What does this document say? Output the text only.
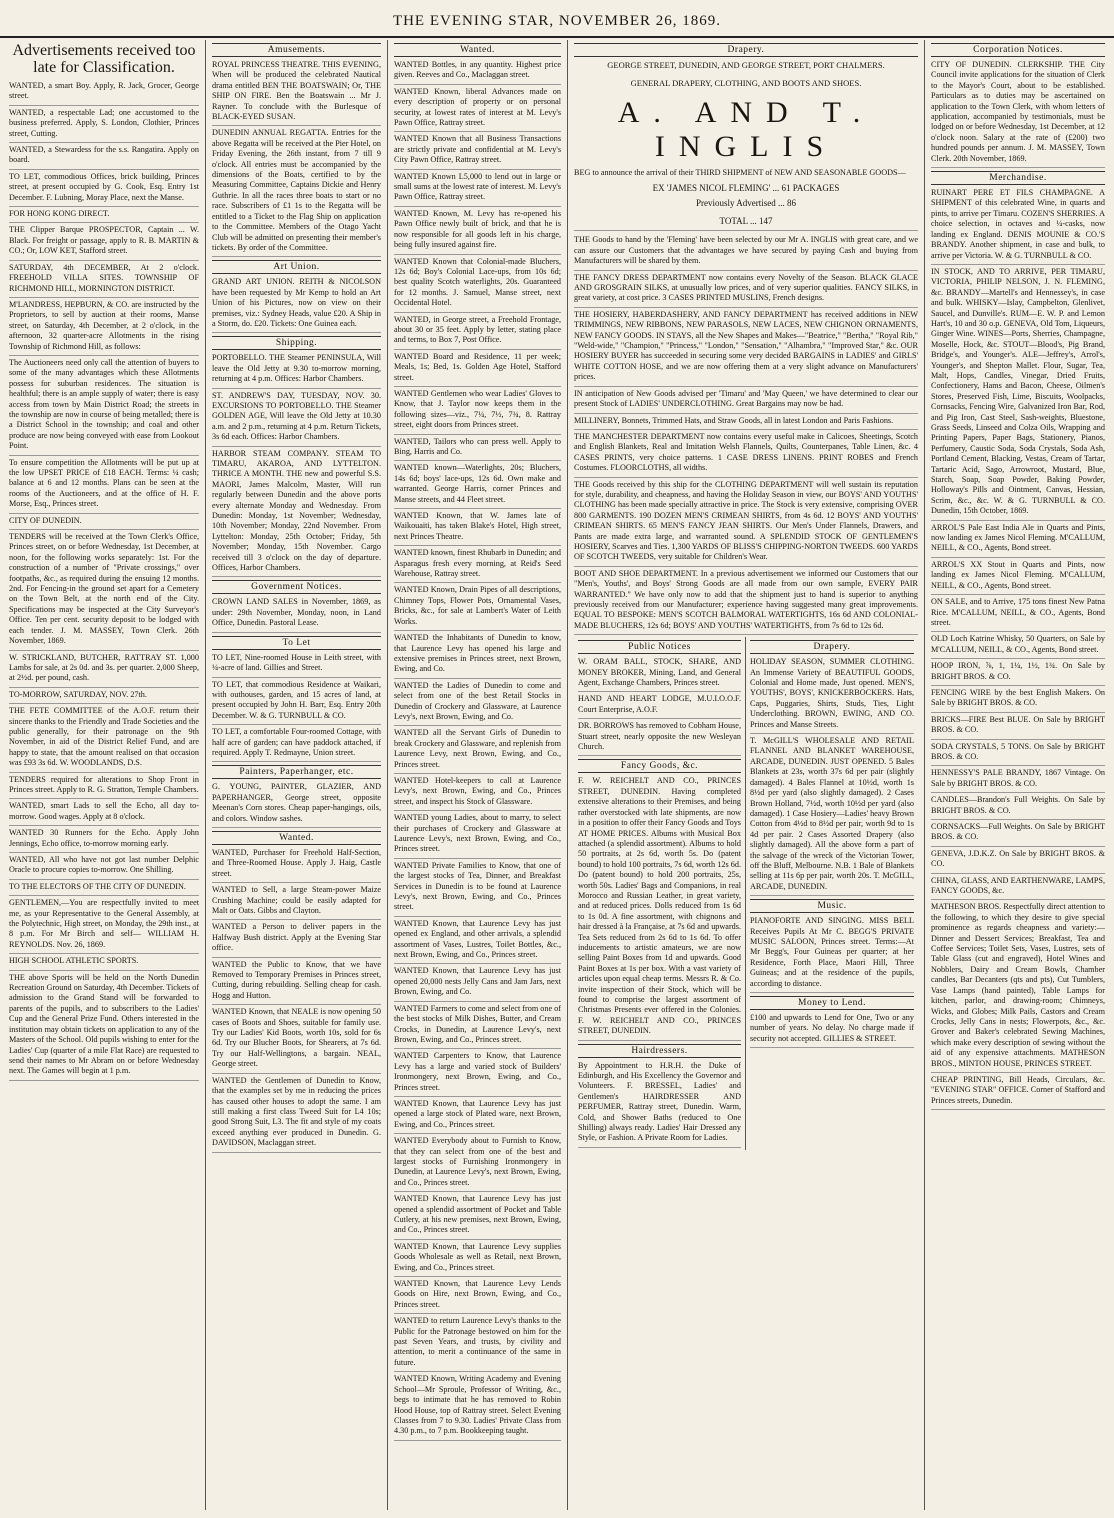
THE EVENING STAR, NOVEMBER 26, 1869.
Advertisements received too late for Classification.
WANTED, a smart Boy. Apply, R. Jack, Grocer, George street.
WANTED, a respectable Lad; one accustomed to the business preferred. Apply, S. London, Clothier, Princes street, Cutting.
WANTED, a Stewardess for the s.s. Rangatira. Apply on board.
TO LET, commodious Offices, brick building, Princes street, at present occupied by G. Cook, Esq. Entry 1st December. F. Lubning, Moray Place, next the Manse.
FOR HONG KONG DIRECT.
THE Clipper Barque PROSPECTOR, Captain ... W. Black. For freight or passage, apply to R. B. MARTIN & CO.; Or, LOW KET, Stafford street.
SATURDAY, 4th DECEMBER, At 2 o'clock. FREEHOLD VILLA SITES. TOWNSHIP OF RICHMOND HILL, MORNINGTON DISTRICT.
M'LANDRESS, HEPBURN, & CO. are instructed by the Proprietors, to sell by auction at their rooms, Manse street, on Saturday, 4th December, at 2 o'clock, in the afternoon, 32 quarter-acre Allotments in the rising Township of Richmond Hill, as follows:
The Auctioneers need only call the attention of buyers to some of the many advantages which these Allotments possess for suburban residences. The situation is healthful; there is an ample supply of water; there is easy access from town by Main District Road; the streets in the township are now in course of being metalled; there is a District School in the township; and coal and other produce are now being conveyed with ease from Lookout Point.
To ensure competition the Allotments will be put up at the low UPSET PRICE of £18 EACH. Terms: ¼ cash; balance at 6 and 12 months. Plans can be seen at the rooms of the Auctioneers, and at the office of H. F. Morse, Esq., Princes street.
CITY OF DUNEDIN.
TENDERS will be received at the Town Clerk's Office, Princes street, on or before Wednesday, 1st December, at noon, for the following works separately: 1st. For the construction of a number of "Private crossings," over footpaths, &c., as required during the ensuing 12 months. 2nd. For Fencing-in the ground set apart for a Cemetery on the Town Belt, at the north end of the City. Specifications may be inspected at the City Surveyor's Office. Ten per cent. security deposit to be lodged with each tender. J. M. MASSEY, Town Clerk. 26th November, 1869.
W. STRICKLAND, BUTCHER, RATTRAY ST. 1,000 Lambs for sale, at 2s 0d. and 3s. per quarter. 2,000 Sheep, at 2½d. per pound, cash.
TO-MORROW, SATURDAY, NOV. 27th.
THE FETE COMMITTEE of the A.O.F. return their sincere thanks to the Friendly and Trade Societies and the public generally, for their patronage on the 9th November, in aid of the District Relief Fund, and are happy to state, that the amount realised on that occasion was £93 3s 6d. W. WOODLANDS, D.S.
TENDERS required for alterations to Shop Front in Princes street. Apply to R. G. Stratton, Temple Chambers.
WANTED, smart Lads to sell the Echo, all day to-morrow. Good wages. Apply at 8 o'clock.
WANTED 30 Runners for the Echo. Apply John Jennings, Echo office, to-morrow morning early.
WANTED, All who have not got last number Delphic Oracle to procure copies to-morrow. One Shilling.
TO THE ELECTORS OF THE CITY OF DUNEDIN.
GENTLEMEN,—You are respectfully invited to meet me, as your Representative to the General Assembly, at the Polytechnic, High street, on Monday, the 29th inst., at 8 p.m. For Mr Birch and self— WILLIAM H. REYNOLDS. Nov. 26, 1869.
HIGH SCHOOL ATHLETIC SPORTS.
THE above Sports will be held on the North Dunedin Recreation Ground on Saturday, 4th December. Tickets of admission to the Grand Stand will be forwarded to parents of the pupils, and to subscribers to the Ladies' Cup and the General Prize Fund. Others interested in the institution may obtain tickets on application to any of the Masters of the School. Old pupils wishing to enter for the Ladies' Cup (quarter of a mile Flat Race) are requested to send their names to Mr Abram on or before Wednesday next. The Games will begin at 1 p.m.
Amusements.
ROYAL PRINCESS THEATRE. THIS EVENING, When will be produced the celebrated Nautical drama entitled BEN THE BOATSWAIN; Or, THE SHIP ON FIRE. Ben the Boatswain ... Mr J. Rayner. To conclude with the Burlesque of BLACK-EYED SUSAN.
DUNEDIN ANNUAL REGATTA. Entries for the above Regatta will be received at the Pier Hotel, on Friday Evening, the 26th instant, from 7 till 9 o'clock. All entries must be accompanied by the dimensions of the Boats, certified to by the Measuring Committee, Captains Dickie and Henry Guthrie. In all the races three boats to start or no race. Subscribers of £1 1s to the Regatta will be entitled to a Ticket to the Flag Ship on application to the Committee. Members of the Otago Yacht Club will be admitted on presenting their member's tickets. By order of the Committee.
Art Union.
GRAND ART UNION. REITH & NICOLSON have been requested by Mr Kemp to hold an Art Union of his Pictures, now on view on their premises, viz.: Sydney Heads, value £20. A Ship in a Storm, do. £20. Tickets: One Guinea each.
Shipping.
PORTOBELLO. THE Steamer PENINSULA, Will leave the Old Jetty at 9.30 to-morrow morning, returning at 4 p.m. Offices: Harbor Chambers.
ST. ANDREW'S DAY, TUESDAY, NOV. 30. EXCURSIONS TO PORTOBELLO. THE Steamer GOLDEN AGE, Will leave the Old Jetty at 10.30 a.m. and 2 p.m., returning at 4 p.m. Return Tickets, 3s 6d each. Offices: Harbor Chambers.
HARBOR STEAM COMPANY. STEAM TO TIMARU, AKAROA, AND LYTTELTON. THRICE A MONTH. THE new and powerful S.S. MAORI, James Malcolm, Master, Will run regularly between Dunedin and the above ports every alternate Monday and Wednesday. From Dunedin: Monday, 1st November; Wednesday, 10th November; Monday, 22nd November. From Lyttelton: Monday, 25th October; Friday, 5th November; Monday, 15th November. Cargo received till 3 o'clock on the day of departure. Offices, Harbor Chambers.
Government Notices.
CROWN LAND SALES in November, 1869, as under: 29th November, Monday, noon, in Land Office, Dunedin. Pastoral Lease.
To Let
TO LET, Nine-roomed House in Leith street, with ¼-acre of land. Gillies and Street.
TO LET, that commodious Residence at Waikari, with outhouses, garden, and 15 acres of land, at present occupied by John H. Barr, Esq. Entry 20th December. W. & G. TURNBULL & CO.
TO LET, a comfortable Four-roomed Cottage, with half acre of garden; can have paddock attached, if required. Apply T. Redmayne, Union street.
Painters, Paperhanger, etc.
G. YOUNG, PAINTER, GLAZIER, AND PAPERHANGER, George street, opposite Meenan's Corn stores. Cheap paper-hangings, oils, and colors. Window sashes.
Wanted.
WANTED, Purchaser for Freehold Half-Section, and Three-Roomed House. Apply J. Haig, Castle street.
WANTED to Sell, a large Steam-power Maize Crushing Machine; could be easily adapted for Malt or Oats. Gibbs and Clayton.
WANTED a Person to deliver papers in the Halfway Bush district. Apply at the Evening Star office.
WANTED the Public to Know, that we have Removed to Temporary Premises in Princes street, Cutting, during rebuilding. Selling cheap for cash. Hogg and Hutton.
WANTED Known, that NEALE is now opening 50 cases of Boots and Shoes, suitable for family use. Try our Ladies' Kid Boots, worth 10s, sold for 6s 6d. Try our Blucher Boots, for Shearers, at 7s 6d. Try our Half-Wellingtons, a bargain. NEAL, George street.
WANTED the Gentlemen of Dunedin to Know, that the examples set by me in reducing the prices has caused other houses to adopt the same. I am still making a first class Tweed Suit for L4 10s; good Strong Suit, L3. The fit and style of my coats exceed anything ever produced in Dunedin. G. DAVIDSON, Maclaggan street.
Wanted.
WANTED Bottles, in any quantity. Highest price given. Reeves and Co., Maclaggan street.
WANTED Known, liberal Advances made on every description of property or on personal security, at lowest rates of interest at M. Levy's Pawn Office, Rattray street.
WANTED Known that all Business Transactions are strictly private and confidential at M. Levy's City Pawn Office, Rattray street.
WANTED Known L5,000 to lend out in large or small sums at the lowest rate of interest. M. Levy's Pawn Office, Rattray street.
WANTED Known, M. Levy has re-opened his Pawn Office newly built of brick, and that he is now responsible for all goods left in his charge, being fully insured against fire.
WANTED Known that Colonial-made Bluchers, 12s 6d; Boy's Colonial Lace-ups, from 10s 6d; best quality Scotch waterlights, 20s. Guaranteed for 12 months. J. Samuel, Manse street, next Occidental Hotel.
WANTED, in George street, a Freehold Frontage, about 30 or 35 feet. Apply by letter, stating place and terms, to Box 7, Post Office.
WANTED Board and Residence, 11 per week; Meals, 1s; Bed, 1s. Golden Age Hotel, Stafford street.
WANTED Gentlemen who wear Ladies' Gloves to Know, that J. Taylor now keeps them in the following sizes—viz., 7¼, 7½, 7¾, 8. Rattray street, eight doors from Princes street.
WANTED, Tailors who can press well. Apply to Bing, Harris and Co.
WANTED known—Waterlights, 20s; Bluchers, 14s 6d; boys' lace-ups, 12s 6d. Own make and warranted. George Harris, corner Princes and Manse streets, and 44 Fleet street.
WANTED Known, that W. James late of Waikouaiti, has taken Blake's Hotel, High street, next Princes Theatre.
WANTED known, finest Rhubarb in Dunedin; and Asparagus fresh every morning, at Reid's Seed Warehouse, Rattray street.
WANTED Known, Drain Pipes of all descriptions, Chimney Tops, Flower Pots, Ornamental Vases, Bricks, &c., for sale at Lambert's Water of Leith Works.
WANTED the Inhabitants of Dunedin to know, that Laurence Levy has opened his large and extensive premises in Princes street, next Brown, Ewing, and Co.
WANTED the Ladies of Dunedin to come and select from one of the best Retail Stocks in Dunedin of Crockery and Glassware, at Laurence Levy's, next Brown, Ewing, and Co.
WANTED all the Servant Girls of Dunedin to break Crockery and Glassware, and replenish from Laurence Levy, next Brown, Ewing, and Co., Princes street.
WANTED Hotel-keepers to call at Laurence Levy's, next Brown, Ewing, and Co., Princes street, and inspect his Stock of Glassware.
WANTED young Ladies, about to marry, to select their purchases of Crockery and Glassware at Laurence Levy's, next Brown, Ewing, and Co., Princes street.
WANTED Private Families to Know, that one of the largest stocks of Tea, Dinner, and Breakfast Services in Dunedin is to be found at Laurence Levy's, next Brown, Ewing, and Co., Princes street.
WANTED Known, that Laurence Levy has just opened ex England, and other arrivals, a splendid assortment of Vases, Lustres, Toilet Bottles, &c., next Brown, Ewing, and Co., Princes street.
WANTED Known, that Laurence Levy has just opened 20,000 nests Jelly Cans and Jam Jars, next Brown, Ewing, and Co.
WANTED Farmers to come and select from one of the best stocks of Milk Dishes, Butter, and Cream Crocks, in Dunedin, at Laurence Levy's, next Brown, Ewing, and Co., Princes street.
WANTED Carpenters to Know, that Laurence Levy has a large and varied stock of Builders' Ironmongery, next Brown, Ewing, and Co., Princes street.
WANTED Known, that Laurence Levy has just opened a large stock of Plated ware, next Brown, Ewing, and Co., Princes street.
WANTED Everybody about to Furnish to Know, that they can select from one of the best and largest stocks of Furnishing Ironmongery in Dunedin, at Laurence Levy's, next Brown, Ewing, and Co., Princes street.
WANTED Known, that Laurence Levy has just opened a splendid assortment of Pocket and Table Cutlery, at his new premises, next Brown, Ewing, and Co., Princes street.
WANTED Known, that Laurence Levy supplies Goods Wholesale as well as Retail, next Brown, Ewing, and Co., Princes street.
WANTED Known, that Laurence Levy Lends Goods on Hire, next Brown, Ewing, and Co., Princes street.
WANTED to return Laurence Levy's thanks to the Public for the Patronage bestowed on him for the past Seven Years, and trusts, by civility and attention, to merit a continuance of the same in future.
WANTED Known, Writing Academy and Evening School—Mr Sproule, Professor of Writing, &c., begs to intimate that he has removed to Robin Hood House, top of Rattray street. Select Evening Classes from 7 to 9.30. Ladies' Private Class from 4.30 p.m., to 7 p.m. Bookkeeping taught.
Drapery.
GEORGE STREET, DUNEDIN, AND GEORGE STREET, PORT CHALMERS.
GENERAL DRAPERY, CLOTHING, AND BOOTS AND SHOES.
A. AND T. INGLIS
BEG to announce the arrival of their THIRD SHIPMENT of NEW AND SEASONABLE GOODS—
EX 'JAMES NICOL FLEMING' ... 61 PACKAGES
Previously Advertised ... 86
TOTAL ... 147
THE Goods to hand by the 'Fleming' have been selected by our Mr A. INGLIS with great care, and we can assure our Customers that the advantages we have secured by paying Cash and buying from Manufacturers will be shared by them.
THE FANCY DRESS DEPARTMENT now contains every Novelty of the Season. BLACK GLACE AND GROSGRAIN SILKS, at unusually low prices, and of very superior qualities. FANCY SILKS, in great variety, at cost price. 3 CASES PRINTED MUSLINS, French designs.
THE HOSIERY, HABERDASHERY, AND FANCY DEPARTMENT has received additions in NEW TRIMMINGS, NEW RIBBONS, NEW PARASOLS, NEW LACES, NEW CHIGNON ORNAMENTS, NEW FANCY GOODS. IN STAYS, all the New Shapes and Makes—"Beatrice," "Bertha," "Royal Rib," "Weld-wide," "Champion," "Princess," "London," "Sensation," "Alhambra," "Improved Star," &c. OUR HOSIERY BUYER has succeeded in securing some very decided BARGAINS in LADIES' and GIRLS' WHITE COTTON HOSE, and we are now offering them at a very slight advance on Manufacturers' prices.
IN anticipation of New Goods advised per 'Timaru' and 'May Queen,' we have determined to clear our present Stock of LADIES' UNDERCLOTHING. Great Bargains may now be had.
MILLINERY, Bonnets, Trimmed Hats, and Straw Goods, all in latest London and Paris Fashions.
THE MANCHESTER DEPARTMENT now contains every useful make in Calicoes, Sheetings, Scotch and English Blankets, Real and Imitation Welsh Flannels, Quilts, Counterpanes, Table Linen, &c. 4 CASES PRINTS, very choice patterns. 1 CASE DRESS LINENS. PRINT ROBES and French Costumes. FLOORCLOTHS, all widths.
THE Goods received by this ship for the CLOTHING DEPARTMENT will well sustain its reputation for style, durability, and cheapness, and having the Holiday Season in view, our BOYS' AND YOUTHS' CLOTHING has been made specially attractive in price. The Stock is very extensive, comprising OVER 800 GARMENTS. 190 DOZEN MEN'S CRIMEAN SHIRTS, from 4s 6d. 12 BOYS' AND YOUTHS' CRIMEAN SHIRTS. 65 MEN'S FANCY JEAN SHIRTS. Our Men's Under Flannels, Drawers, and Pants are made extra large, and warranted sound. A SPLENDID STOCK OF GENTLEMEN'S HOSIERY, Scarves and Ties. 1,300 YARDS OF BLISS'S CHIPPING-NORTON TWEEDS. 600 YARDS OF SCOTCH TWEEDS, very suitable for Children's Wear.
BOOT AND SHOE DEPARTMENT. In a previous advertisement we informed our Customers that our "Men's, Youths', and Boys' Strong Goods are all made from our own sample, EVERY PAIR WARRANTED." We have only now to add that the shipment just to hand is superior to anything previously received from our Manufacturer; experience having suggested many great improvements. EQUAL TO BESPOKE: MEN'S SCOTCH BALMORAL WATERTIGHTS, 16s 6d AND COLONIAL-MADE BLUCHERS, 12s 6d; BOYS' AND YOUTHS' WATERTIGHTS, from 7s 6d to 12s 6d.
Public Notices
W. ORAM BALL, STOCK, SHARE, AND MONEY BROKER, Mining, Land, and General Agent, Exchange Chambers, Princes street.
HAND AND HEART LODGE, M.U.I.O.O.F. Court Enterprise, A.O.F.
DR. BORROWS has removed to Cobham House, Stuart street, nearly opposite the new Wesleyan Church.
Fancy Goods, &c.
F. W. REICHELT AND CO., PRINCES STREET, DUNEDIN. Having completed extensive alterations to their Premises, and being rather overstocked with late shipments, are now in a position to offer their Fancy Goods and Toys AT HOME PRICES. Albums with Musical Box attached (a splendid assortment). Albums to hold 50 portraits, at 2s 6d, worth 5s. Do (patent bound) to hold 100 portraits, 7s 6d, worth 12s 6d. Do (patent bound) to hold 200 portraits, 25s, worth 50s. Ladies' Bags and Companions, in real Morocco and Russian Leather, in great variety, and at reduced prices. Dolls reduced from 1s 6d to 1s 0d. A fine assortment, with chignons and hair dressed à la Française, at 7s 6d and upwards. Tea Sets reduced from 2s 6d to 1s 6d. To offer inducements to artistic amateurs, we are now selling Paint Boxes from 1d and upwards. Good Paint Boxes at 1s per box. With a vast variety of articles upon equal cheap terms. Messrs R. & Co. invite inspection of their Stock, which will be found to comprise the largest assortment of Christmas Presents ever offered in the Colonies. F. W. REICHELT AND CO., PRINCES STREET, DUNEDIN.
Hairdressers.
By Appointment to H.R.H. the Duke of Edinburgh, and His Excellency the Governor and Volunteers. F. BRESSEL, Ladies' and Gentlemen's HAIRDRESSER AND PERFUMER, Rattray street, Dunedin. Warm, Cold, and Shower Baths (reduced to One Shilling) always ready. Ladies' Hair Dressed any Style, or Fashion. A Private Room for Ladies.
Drapery.
HOLIDAY SEASON, SUMMER CLOTHING. An Immense Variety of BEAUTIFUL GOODS, Colonial and Home made, Just opened. MEN'S, YOUTHS', BOYS', KNICKERBOCKERS. Hats, Caps, Puggaries, Shirts, Studs, Ties, Light Underclothing. BROWN, EWING, AND CO. Princes and Manse Streets.
T. McGILL'S WHOLESALE AND RETAIL FLANNEL AND BLANKET WAREHOUSE, ARCADE, DUNEDIN. JUST OPENED. 5 Bales Blankets at 23s, worth 37s 6d per pair (slightly damaged). 4 Bales Flannel at 10½d, worth 1s 8½d per yard (also slightly damaged). 2 Cases Brown Holland, 7½d, worth 10½d per yard (also damaged). 1 Case Hosiery—Ladies' heavy Brown Cotton from 4½d to 8½d per pair, worth 9d to 1s 4d per pair. 2 Cases Assorted Drapery (also slightly damaged). All the above form a part of the salvage of the wreck of the Victorian Tower, off the Bluff, Melbourne. N.B. 1 Bale of Blankets selling at 11s 6p per pair, worth 20s. T. McGILL, ARCADE, DUNEDIN.
Music.
PIANOFORTE AND SINGING. MISS BELL Receives Pupils At Mr C. BEGG'S PRIVATE MUSIC SALOON, Princes street. Terms:—At Mr Begg's, Four Guineas per quarter; at her Residence, Forth Place, Maori Hill, Three Guineas; and at the residence of the pupils, according to distance.
Money to Lend.
£100 and upwards to Lend for One, Two or any number of years. No delay. No charge made if security not accepted. GILLIES & STREET.
Corporation Notices.
CITY OF DUNEDIN. CLERKSHIP. THE City Council invite applications for the situation of Clerk to the Mayor's Court, about to be established. Particulars as to duties may be ascertained on application to the Town Clerk, with whom letters of application, accompanied by testimonials, must be lodged on or before Wednesday, 1st December, at 12 o'clock noon. Salary at the rate of (£200) two hundred pounds per annum. J. M. MASSEY, Town Clerk. 20th November, 1869.
Merchandise.
RUINART PERE ET FILS CHAMPAGNE. A SHIPMENT of this celebrated Wine, in quarts and pints, to arrive per Timaru. COZEN'S SHERRIES. A choice selection, in octaves and ¼-casks, now landing ex England. DENIS MOUNIE & CO.'S BRANDY. Another shipment, in case and bulk, to arrive per Victoria. W. & G. TURNBULL & CO.
IN STOCK, AND TO ARRIVE, PER TIMARU, VICTORIA, PHILIP NELSON, J. N. FLEMING, &c. BRANDY—Martell's and Hennessey's, in case and bulk. WHISKY—Islay, Campbelton, Glenlivet, Saucel, and Dunville's. RUM—E. W. P. and Lemon Hart's, 10 and 30 o.p. GENEVA, Old Tom, Liqueurs, Ginger Wine. WINES—Ports, Sherries, Champagne, Moselle, Hock, &c. STOUT—Blood's, Pig Brand, Bridge's, and Younger's. ALE—Jeffrey's, Arrol's, Younger's, and Shepton Mallet. Flour, Sugar, Tea, Malt, Hops, Candles, Vinegar, Dried Fruits, Confectionery, Hams and Bacon, Cheese, Oilmen's Stores, Preserved Fish, Lime, Biscuits, Woolpacks, Cornsacks, Fencing Wire, Galvanized Iron Bar, Rod, and Pig Iron, Cast Steel, Sash-weights, Bluestone, Grass Seeds, Linseed and Colza Oils, Wrapping and Printing Papers, Paper Bags, Stationery, Pianos, Perfumery, Caustic Soda, Soda Crystals, Soda Ash, Portland Cement, Blacking, Vestas, Cream of Tartar, Tartaric Acid, Sago, Arrowroot, Mustard, Blue, Starch, Soap, Soap Powder, Baking Powder, Holloway's Pills and Ointment, Canvas, Hessian, Scrim, &c., &c. W. & G. TURNBULL & CO. Dunedin, 15th October, 1869.
ARROL'S Pale East India Ale in Quarts and Pints, now landing ex James Nicol Fleming. M'CALLUM, NEILL, & CO., Agents, Bond street.
ARROL'S XX Stout in Quarts and Pints, now landing ex James Nicol Fleming. M'CALLUM, NEILL, & CO., Agents, Bond street.
ON SALE, and to Arrive, 175 tons finest New Patna Rice. M'CALLUM, NEILL, & CO., Agents, Bond street.
OLD Loch Katrine Whisky, 50 Quarters, on Sale by M'CALLUM, NEILL, & CO., Agents, Bond street.
HOOP IRON, ⅞, 1, 1¼, 1½, 1¾. On Sale by BRIGHT BROS. & CO.
FENCING WIRE by the best English Makers. On Sale by BRIGHT BROS. & CO.
BRICKS—FIRE Best BLUE. On Sale by BRIGHT BROS. & CO.
SODA CRYSTALS, 5 TONS. On Sale by BRIGHT BROS. & CO.
HENNESSY'S PALE BRANDY, 1867 Vintage. On Sale by BRIGHT BROS. & CO.
CANDLES—Brandon's Full Weights. On Sale by BRIGHT BROS. & CO.
CORNSACKS—Full Weights. On Sale by BRIGHT BROS. & CO.
GENEVA, J.D.K.Z. On Sale by BRIGHT BROS. & CO.
CHINA, GLASS, AND EARTHENWARE, LAMPS, FANCY GOODS, &c.
MATHESON BROS. Respectfully direct attention to the following, to which they desire to give special prominence as regards cheapness and variety:— Dinner and Dessert Services; Breakfast, Tea and Coffee Services; Toilet Sets, Vases, Lustres, sets of Table Glass (cut and engraved), Hotel Wines and Nobblers, Dairy and Cream Bowls, Chamber candles, Bar Decanters (qts and pts), Cut Tumblers, Vase Lamps (hand painted), Table Lamps for kitchen, parlor, and drawing-room; Chimneys, Wicks, and Globes; Milk Pails, Castors and Cream Crocks, Jelly Cans in nests; Flowerpots, &c., &c. Grover and Baker's celebrated Sewing Machines, which make every description of sewing without the aid of any expensive attachments. MATHESON BROS., MINTON HOUSE, PRINCES STREET.
CHEAP PRINTING, Bill Heads, Circulars, &c. "EVENING STAR" OFFICE. Corner of Stafford and Princes streets, Dunedin.
